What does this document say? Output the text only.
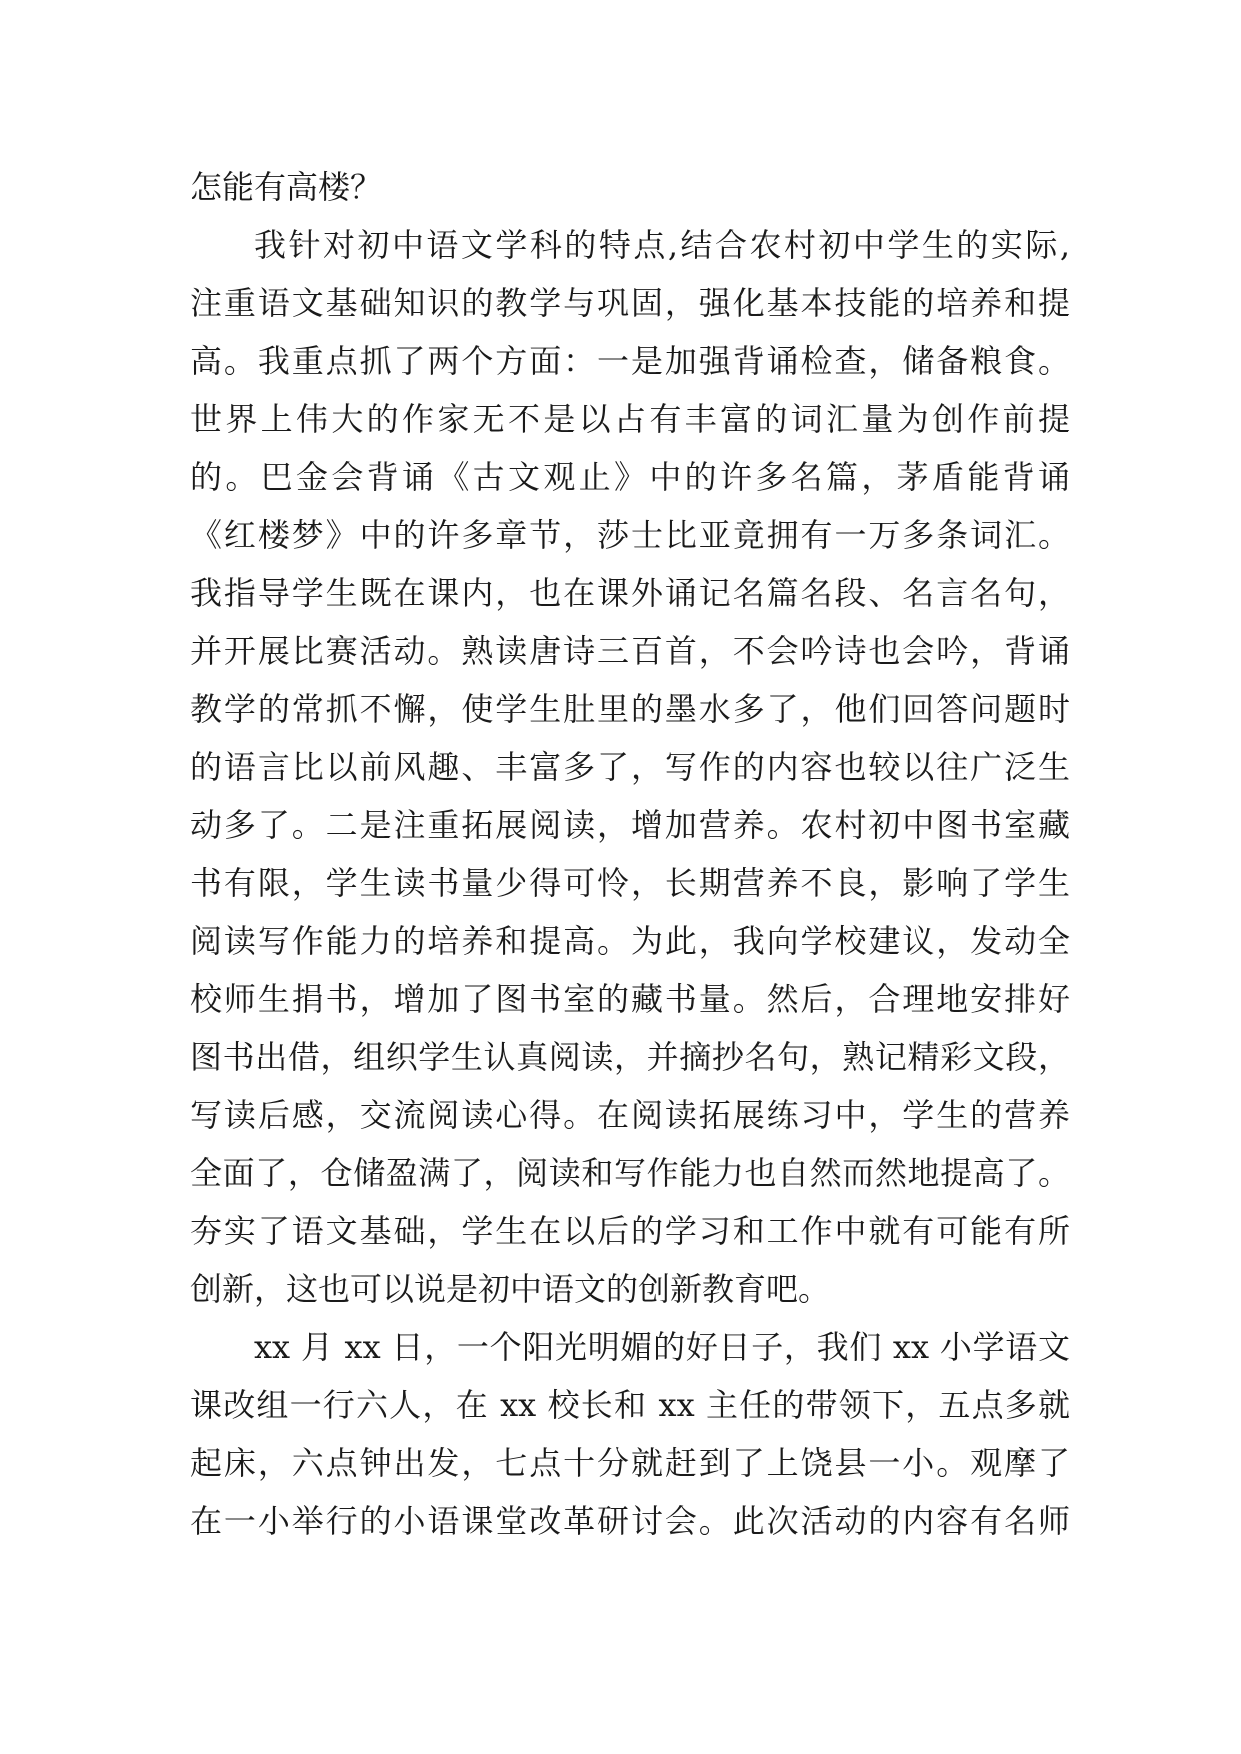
怎能有高楼？
我针对初中语文学科的特点,结合农村初中学生的实际,
注重语文基础知识的教学与巩固，强化基本技能的培养和提
高。我重点抓了两个方面：一是加强背诵检查，储备粮食。
世界上伟大的作家无不是以占有丰富的词汇量为创作前提
的。巴金会背诵《古文观止》中的许多名篇，茅盾能背诵
《红楼梦》中的许多章节，莎士比亚竟拥有一万多条词汇。
我指导学生既在课内，也在课外诵记名篇名段、名言名句，
并开展比赛活动。熟读唐诗三百首，不会吟诗也会吟，背诵
教学的常抓不懈，使学生肚里的墨水多了，他们回答问题时
的语言比以前风趣、丰富多了，写作的内容也较以往广泛生
动多了。二是注重拓展阅读，增加营养。农村初中图书室藏
书有限，学生读书量少得可怜，长期营养不良，影响了学生
阅读写作能力的培养和提高。为此，我向学校建议，发动全
校师生捐书，增加了图书室的藏书量。然后，合理地安排好
图书出借，组织学生认真阅读，并摘抄名句，熟记精彩文段，
写读后感，交流阅读心得。在阅读拓展练习中，学生的营养
全面了，仓储盈满了，阅读和写作能力也自然而然地提高了。
夯实了语文基础，学生在以后的学习和工作中就有可能有所
创新，这也可以说是初中语文的创新教育吧。
xx 月 xx 日，一个阳光明媚的好日子，我们 xx 小学语文
课改组一行六人，在 xx 校长和 xx 主任的带领下，五点多就
起床，六点钟出发，七点十分就赶到了上饶县一小。观摩了
在一小举行的小语课堂改革研讨会。此次活动的内容有名师
